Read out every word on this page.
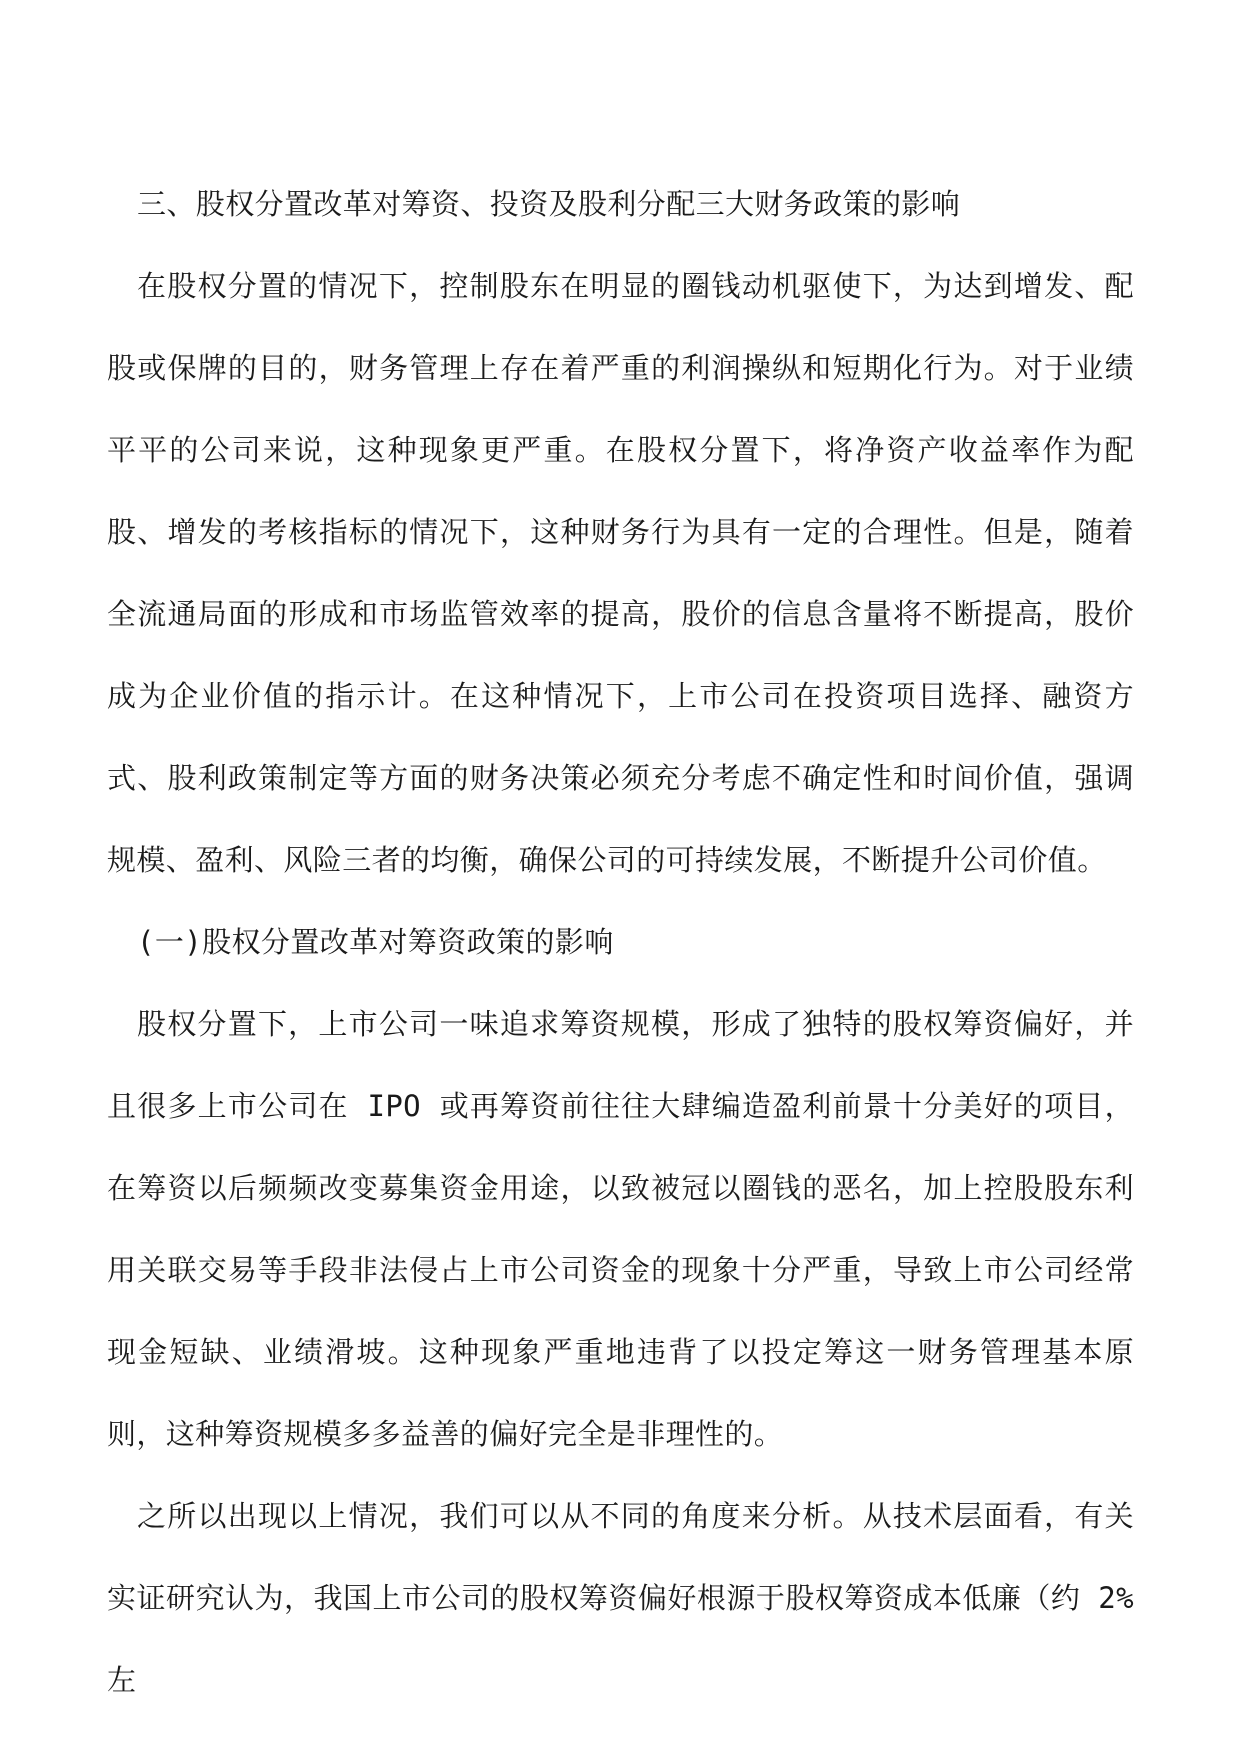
三、股权分置改革对筹资、投资及股利分配三大财务政策的影响

在股权分置的情况下，控制股东在明显的圈钱动机驱使下，为达到增发、配股或保牌的目的，财务管理上存在着严重的利润操纵和短期化行为。对于业绩平平的公司来说，这种现象更严重。在股权分置下，将净资产收益率作为配股、增发的考核指标的情况下，这种财务行为具有一定的合理性。但是，随着全流通局面的形成和市场监管效率的提高，股价的信息含量将不断提高，股价成为企业价值的指示计。在这种情况下，上市公司在投资项目选择、融资方式、股利政策制定等方面的财务决策必须充分考虑不确定性和时间价值，强调规模、盈利、风险三者的均衡，确保公司的可持续发展，不断提升公司价值。

(一)股权分置改革对筹资政策的影响

股权分置下，上市公司一味追求筹资规模，形成了独特的股权筹资偏好，并且很多上市公司在 IPO 或再筹资前往往大肆编造盈利前景十分美好的项目，在筹资以后频频改变募集资金用途，以致被冠以圈钱的恶名，加上控股股东利用关联交易等手段非法侵占上市公司资金的现象十分严重，导致上市公司经常现金短缺、业绩滑坡。这种现象严重地违背了以投定筹这一财务管理基本原则，这种筹资规模多多益善的偏好完全是非理性的。

之所以出现以上情况，我们可以从不同的角度来分析。从技术层面看，有关实证研究认为，我国上市公司的股权筹资偏好根源于股权筹资成本低廉（约 2%左
